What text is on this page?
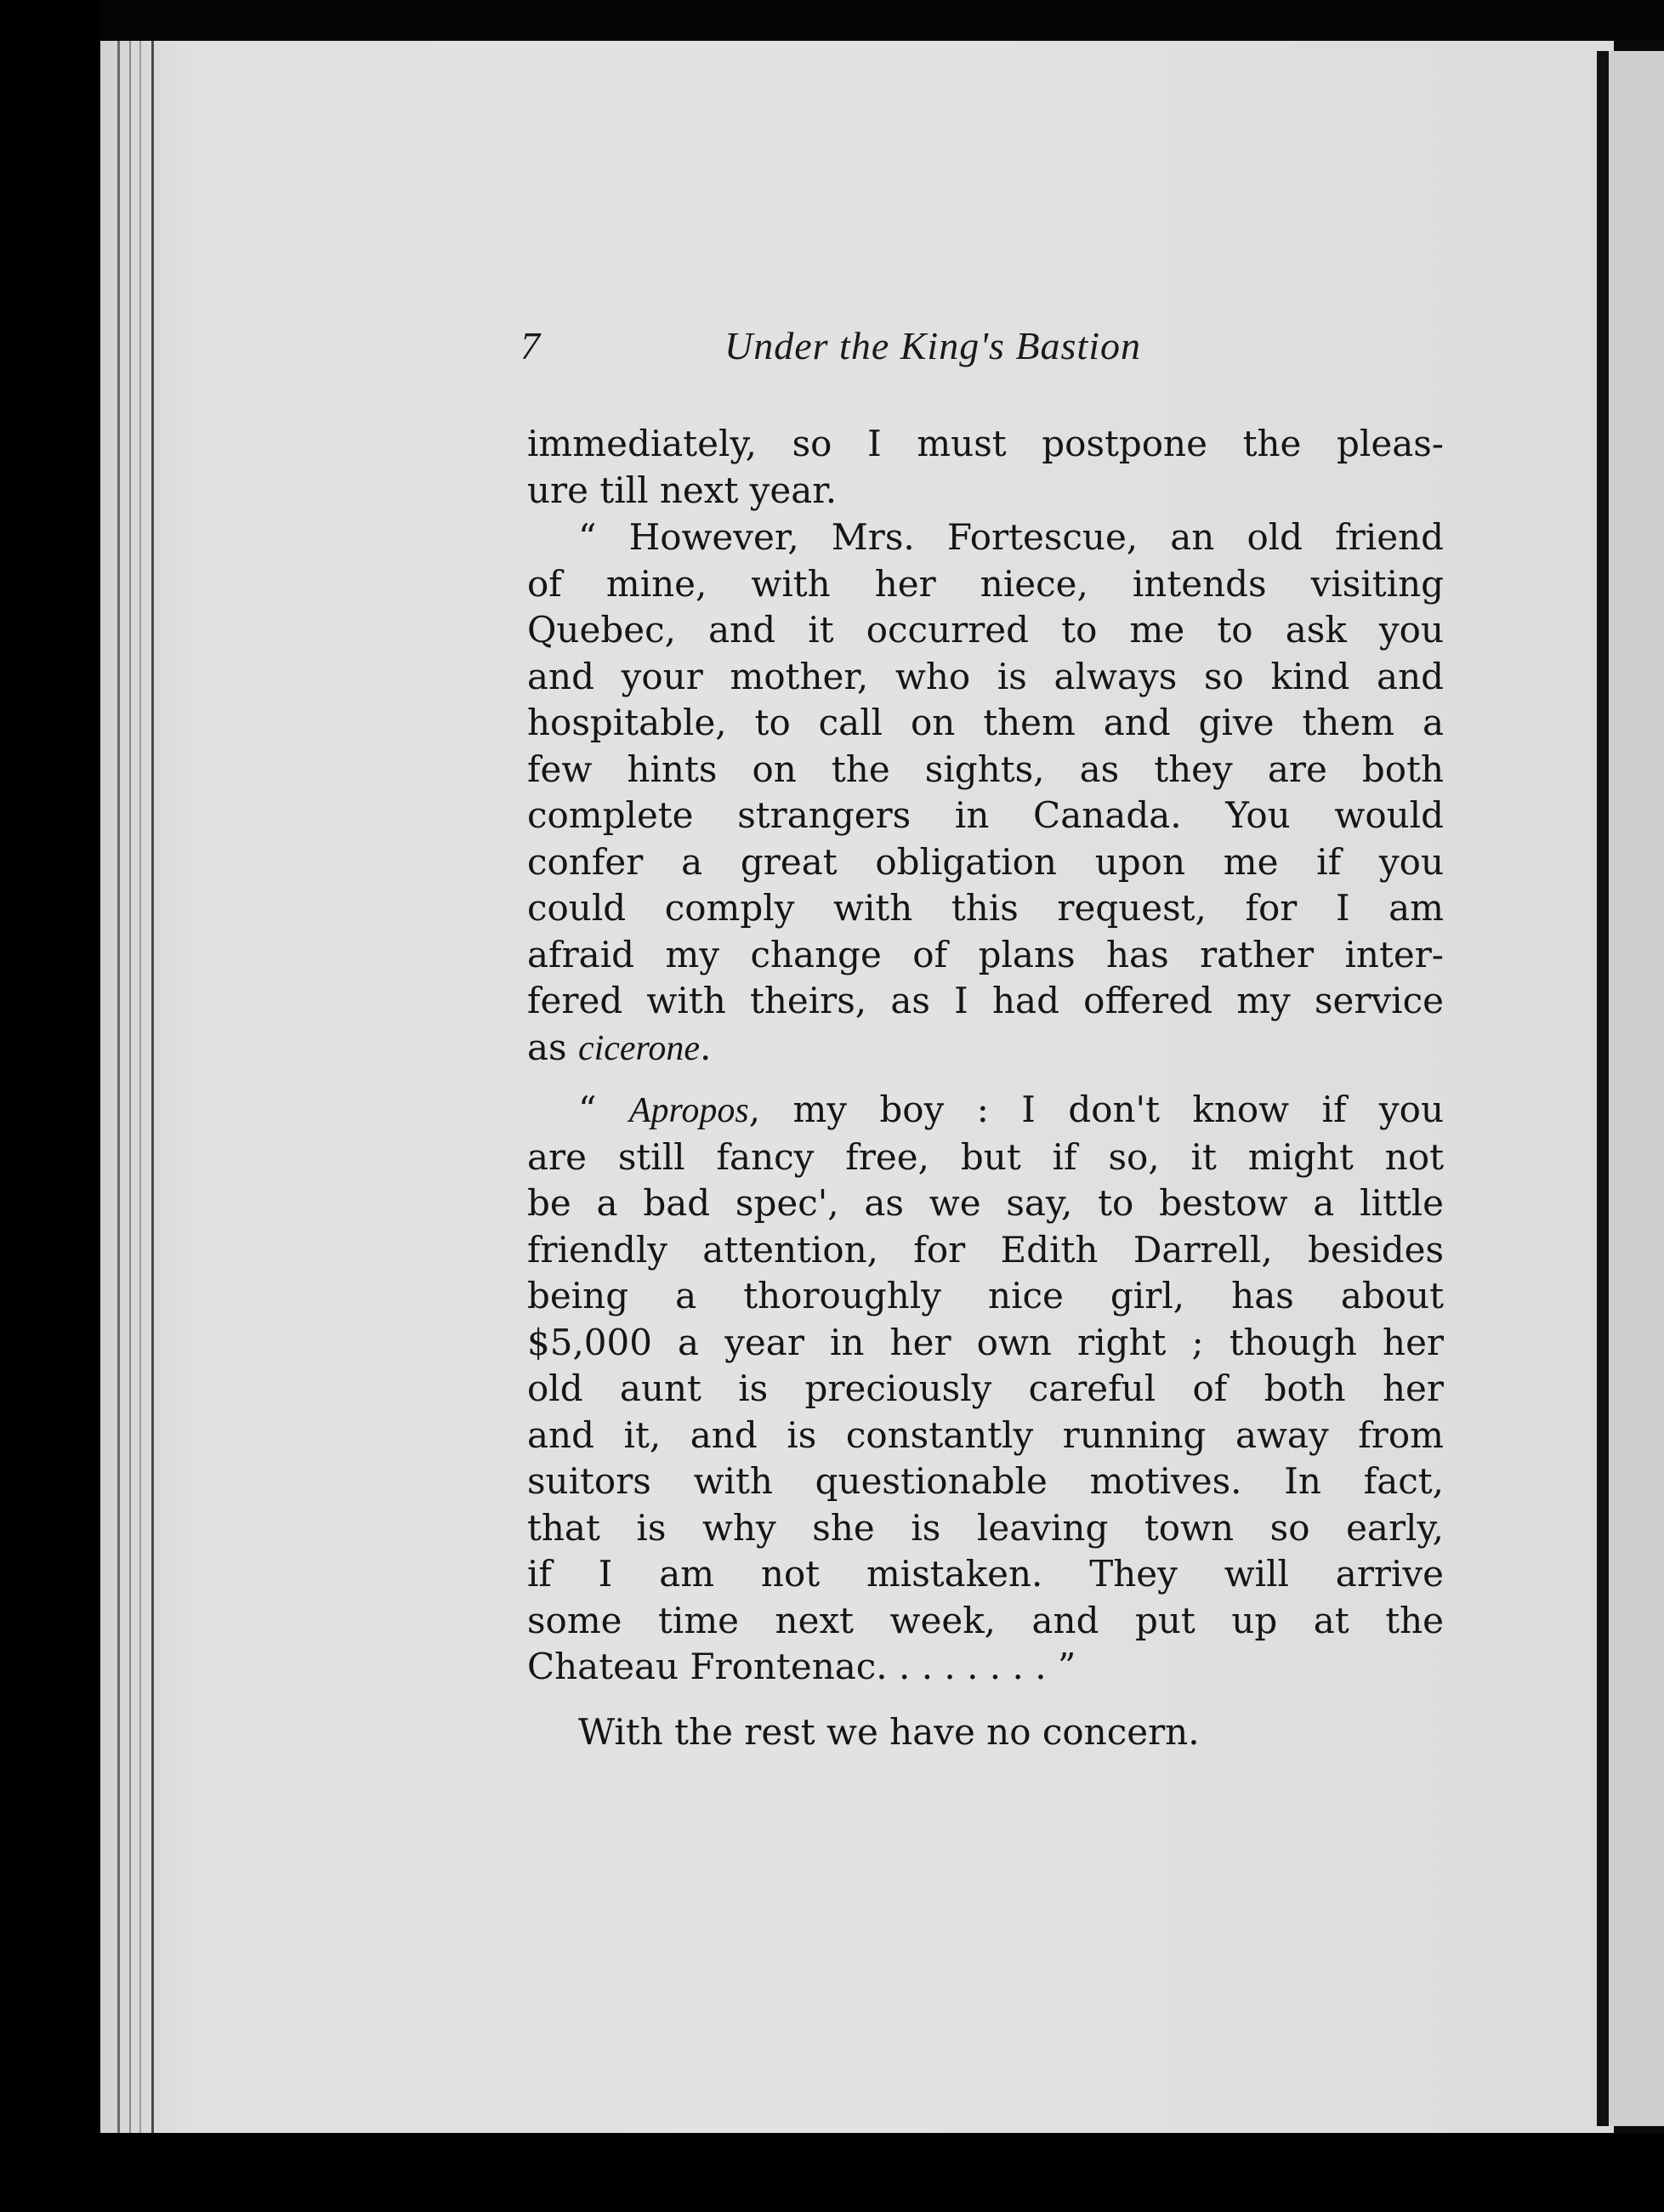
7	Under the King's Bastion
immediately, so I must postpone the pleas-
ure till next year.
“ However, Mrs. Fortescue, an old friend
of mine, with her niece, intends visiting
Quebec, and it occurred to me to ask you
and your mother, who is always so kind and
hospitable, to call on them and give them a
few hints on the sights, as they are both
complete strangers in Canada. You would
confer a great obligation upon me if you
could comply with this request, for I am
afraid my change of plans has rather inter-
fered with theirs, as I had offered my service
as cicerone.
“ Apropos, my boy : I don't know if you
are still fancy free, but if so, it might not
be a bad spec', as we say, to bestow a little
friendly attention, for Edith Darrell, besides
being a thoroughly nice girl, has about
$5,000 a year in her own right ; though her
old aunt is preciously careful of both her
and it, and is constantly running away from
suitors with questionable motives. In fact,
that is why she is leaving town so early,
if I am not mistaken. They will arrive
some time next week, and put up at the
Chateau Frontenac. . . . . . . . ”
With the rest we have no concern.
